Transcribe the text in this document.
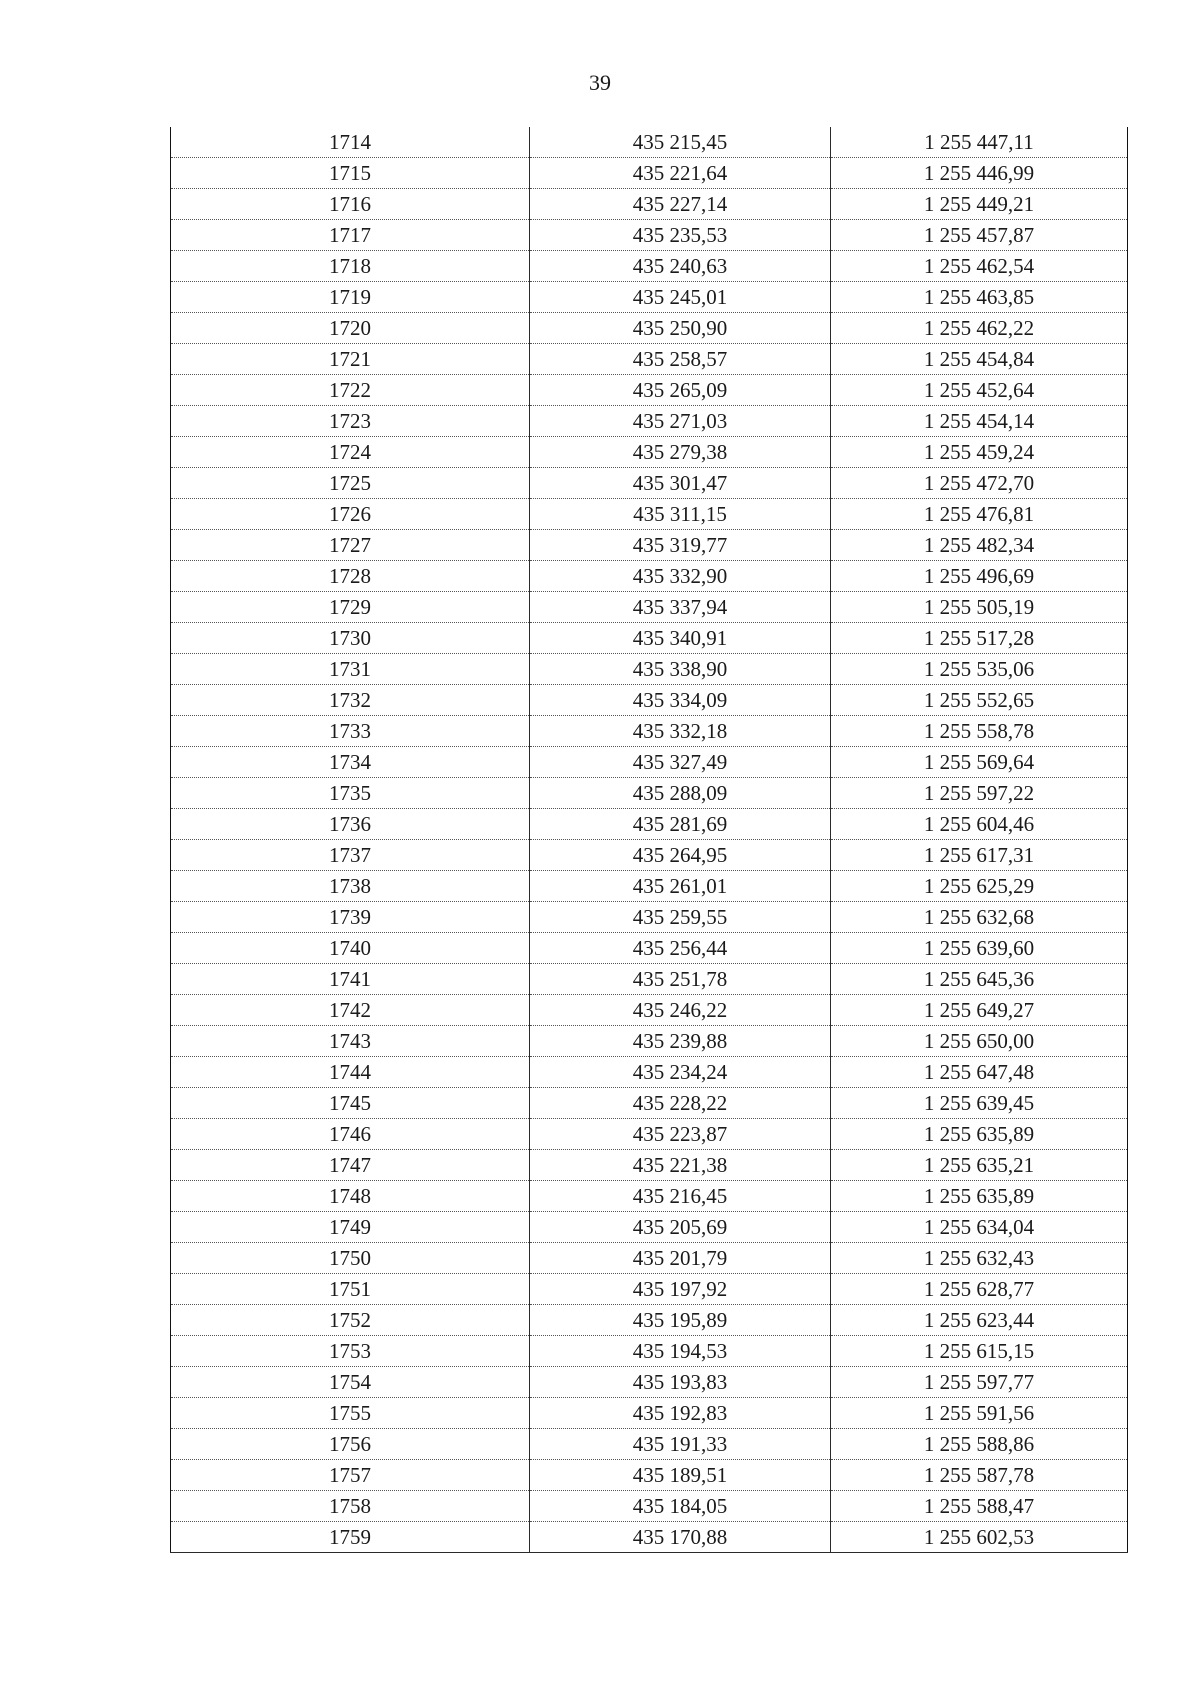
39
1714	435 215,45	1 255 447,11
1715	435 221,64	1 255 446,99
1716	435 227,14	1 255 449,21
1717	435 235,53	1 255 457,87
1718	435 240,63	1 255 462,54
1719	435 245,01	1 255 463,85
1720	435 250,90	1 255 462,22
1721	435 258,57	1 255 454,84
1722	435 265,09	1 255 452,64
1723	435 271,03	1 255 454,14
1724	435 279,38	1 255 459,24
1725	435 301,47	1 255 472,70
1726	435 311,15	1 255 476,81
1727	435 319,77	1 255 482,34
1728	435 332,90	1 255 496,69
1729	435 337,94	1 255 505,19
1730	435 340,91	1 255 517,28
1731	435 338,90	1 255 535,06
1732	435 334,09	1 255 552,65
1733	435 332,18	1 255 558,78
1734	435 327,49	1 255 569,64
1735	435 288,09	1 255 597,22
1736	435 281,69	1 255 604,46
1737	435 264,95	1 255 617,31
1738	435 261,01	1 255 625,29
1739	435 259,55	1 255 632,68
1740	435 256,44	1 255 639,60
1741	435 251,78	1 255 645,36
1742	435 246,22	1 255 649,27
1743	435 239,88	1 255 650,00
1744	435 234,24	1 255 647,48
1745	435 228,22	1 255 639,45
1746	435 223,87	1 255 635,89
1747	435 221,38	1 255 635,21
1748	435 216,45	1 255 635,89
1749	435 205,69	1 255 634,04
1750	435 201,79	1 255 632,43
1751	435 197,92	1 255 628,77
1752	435 195,89	1 255 623,44
1753	435 194,53	1 255 615,15
1754	435 193,83	1 255 597,77
1755	435 192,83	1 255 591,56
1756	435 191,33	1 255 588,86
1757	435 189,51	1 255 587,78
1758	435 184,05	1 255 588,47
1759	435 170,88	1 255 602,53
